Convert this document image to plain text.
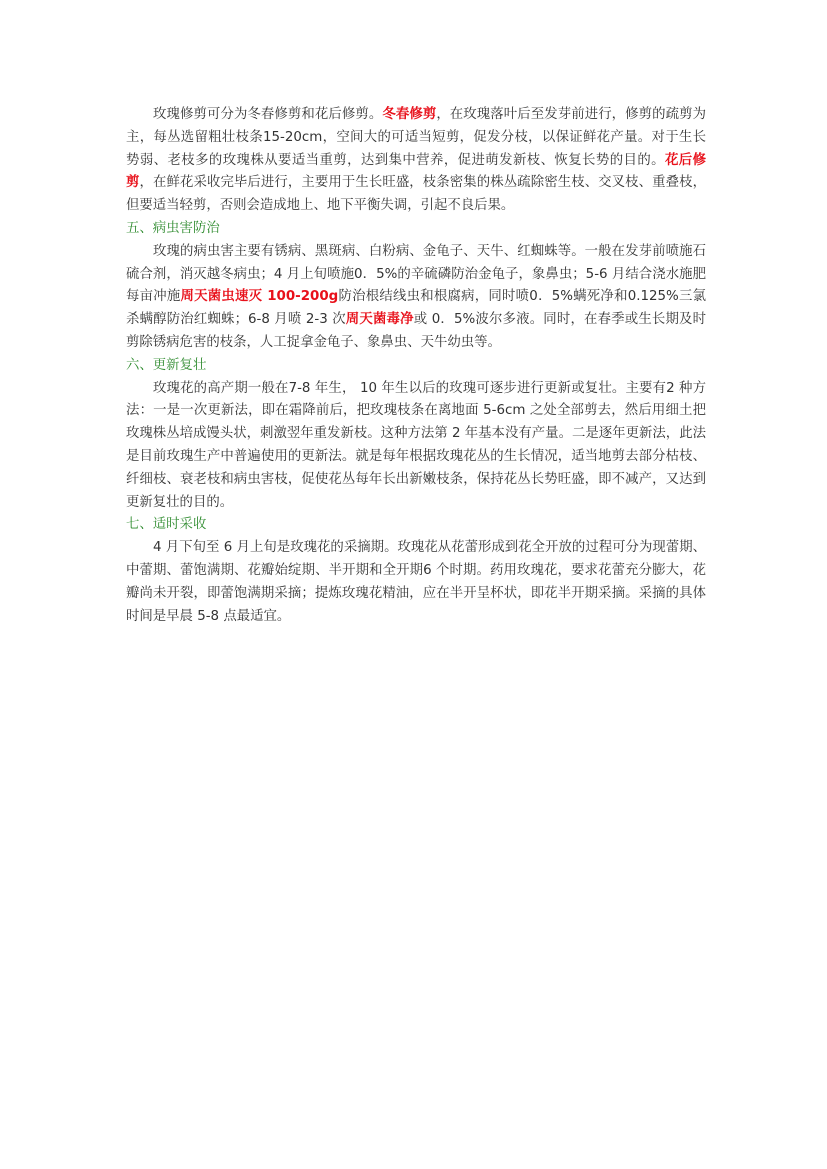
玫瑰修剪可分为冬春修剪和花后修剪。冬春修剪，在玫瑰落叶后至发芽前进行，修剪的疏剪为主，每丛选留粗壮枝条15-20cm，空间大的可适当短剪，促发分枝，以保证鲜花产量。对于生长势弱、老枝多的玫瑰株从要适当重剪，达到集中营养，促进萌发新枝、恢复长势的目的。花后修剪，在鲜花采收完毕后进行，主要用于生长旺盛，枝条密集的株丛疏除密生枝、交叉枝、重叠枝，但要适当轻剪，否则会造成地上、地下平衡失调，引起不良后果。

五、病虫害防治

玫瑰的病虫害主要有锈病、黑斑病、白粉病、金龟子、天牛、红蜘蛛等。一般在发芽前喷施石硫合剂，消灭越冬病虫；4 月上旬喷施0．5%的辛硫磷防治金龟子，象鼻虫；5-6 月结合浇水施肥每亩冲施周天菌虫速灭 100-200g防治根结线虫和根腐病，同时喷0．5%螨死净和0.125%三氯杀螨醇防治红蜘蛛；6-8 月喷 2-3 次周天菌毒净或 0．5%波尔多液。同时，在春季或生长期及时剪除锈病危害的枝条，人工捉拿金龟子、象鼻虫、天牛幼虫等。

六、更新复壮

玫瑰花的高产期一般在7-8 年生， 10 年生以后的玫瑰可逐步进行更新或复壮。主要有2 种方法：一是一次更新法，即在霜降前后，把玫瑰枝条在离地面 5-6cm 之处全部剪去，然后用细土把玫瑰株丛培成馒头状，刺激翌年重发新枝。这种方法第 2 年基本没有产量。二是逐年更新法，此法是目前玫瑰生产中普遍使用的更新法。就是每年根据玫瑰花丛的生长情况，适当地剪去部分枯枝、纤细枝、衰老枝和病虫害枝，促使花丛每年长出新嫩枝条，保持花丛长势旺盛，即不减产，又达到更新复壮的目的。

七、适时采收

4 月下旬至 6 月上旬是玫瑰花的采摘期。玫瑰花从花蕾形成到花全开放的过程可分为现蕾期、中蕾期、蕾饱满期、花瓣始绽期、半开期和全开期6 个时期。药用玫瑰花，要求花蕾充分膨大，花瓣尚未开裂，即蕾饱满期采摘；提炼玫瑰花精油，应在半开呈杯状，即花半开期采摘。采摘的具体时间是早晨 5-8 点最适宜。
